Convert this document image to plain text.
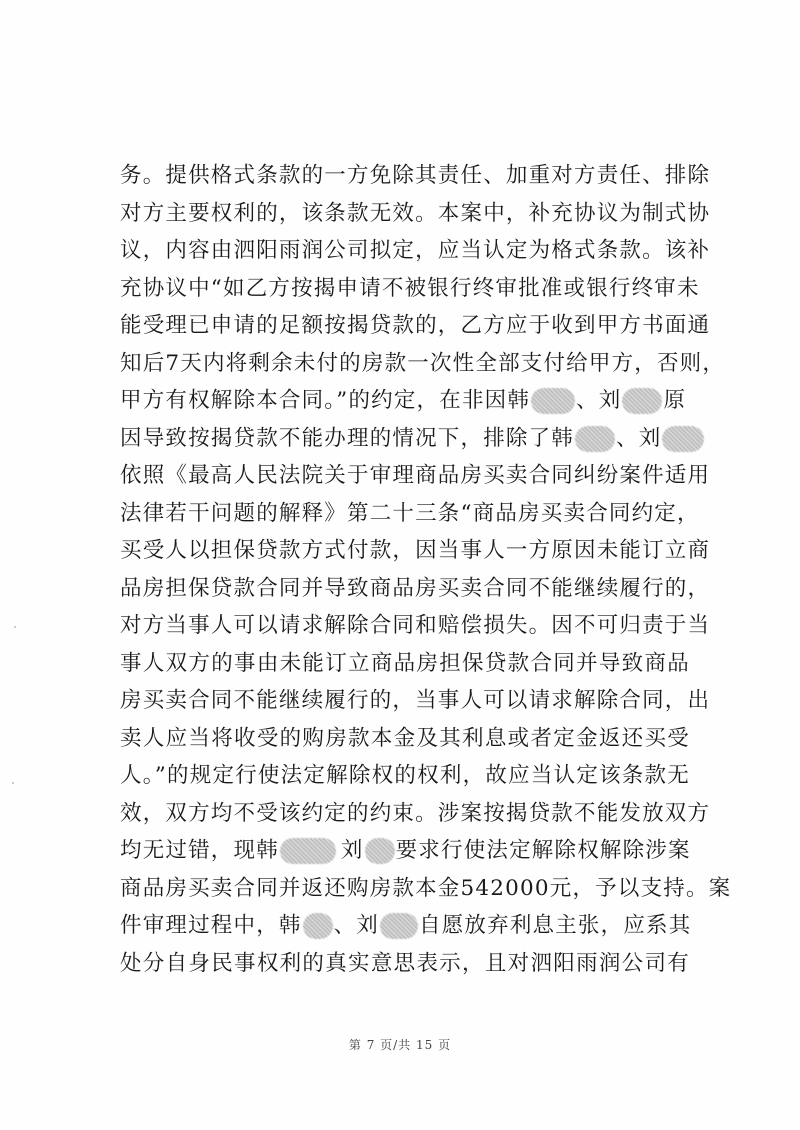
务。提供格式条款的一方免除其责任、加重对方责任、排除
对方主要权利的，该条款无效。本案中，补充协议为制式协
议，内容由泗阳雨润公司拟定，应当认定为格式条款。该补
充协议中“如乙方按揭申请不被银行终审批准或银行终审未
能受理已申请的足额按揭贷款的，乙方应于收到甲方书面通
知后7天内将剩余未付的房款一次性全部支付给甲方，否则，
甲方有权解除本合同。”的约定，在非因韩 、刘 原
因导致按揭贷款不能办理的情况下，排除了韩 、刘
依照《最高人民法院关于审理商品房买卖合同纠纷案件适用
法律若干问题的解释》第二十三条“商品房买卖合同约定，
买受人以担保贷款方式付款，因当事人一方原因未能订立商
品房担保贷款合同并导致商品房买卖合同不能继续履行的，
对方当事人可以请求解除合同和赔偿损失。因不可归责于当
事人双方的事由未能订立商品房担保贷款合同并导致商品
房买卖合同不能继续履行的，当事人可以请求解除合同，出
卖人应当将收受的购房款本金及其利息或者定金返还买受
人。”的规定行使法定解除权的权利，故应当认定该条款无
效，双方均不受该约定的约束。涉案按揭贷款不能发放双方
均无过错，现韩	刘 要求行使法定解除权解除涉案
商品房买卖合同并返还购房款本金542000元，予以支持。案
件审理过程中，韩 、刘 自愿放弃利息主张，应系其
处分自身民事权利的真实意思表示，且对泗阳雨润公司有
第 7 页/共 15 页
